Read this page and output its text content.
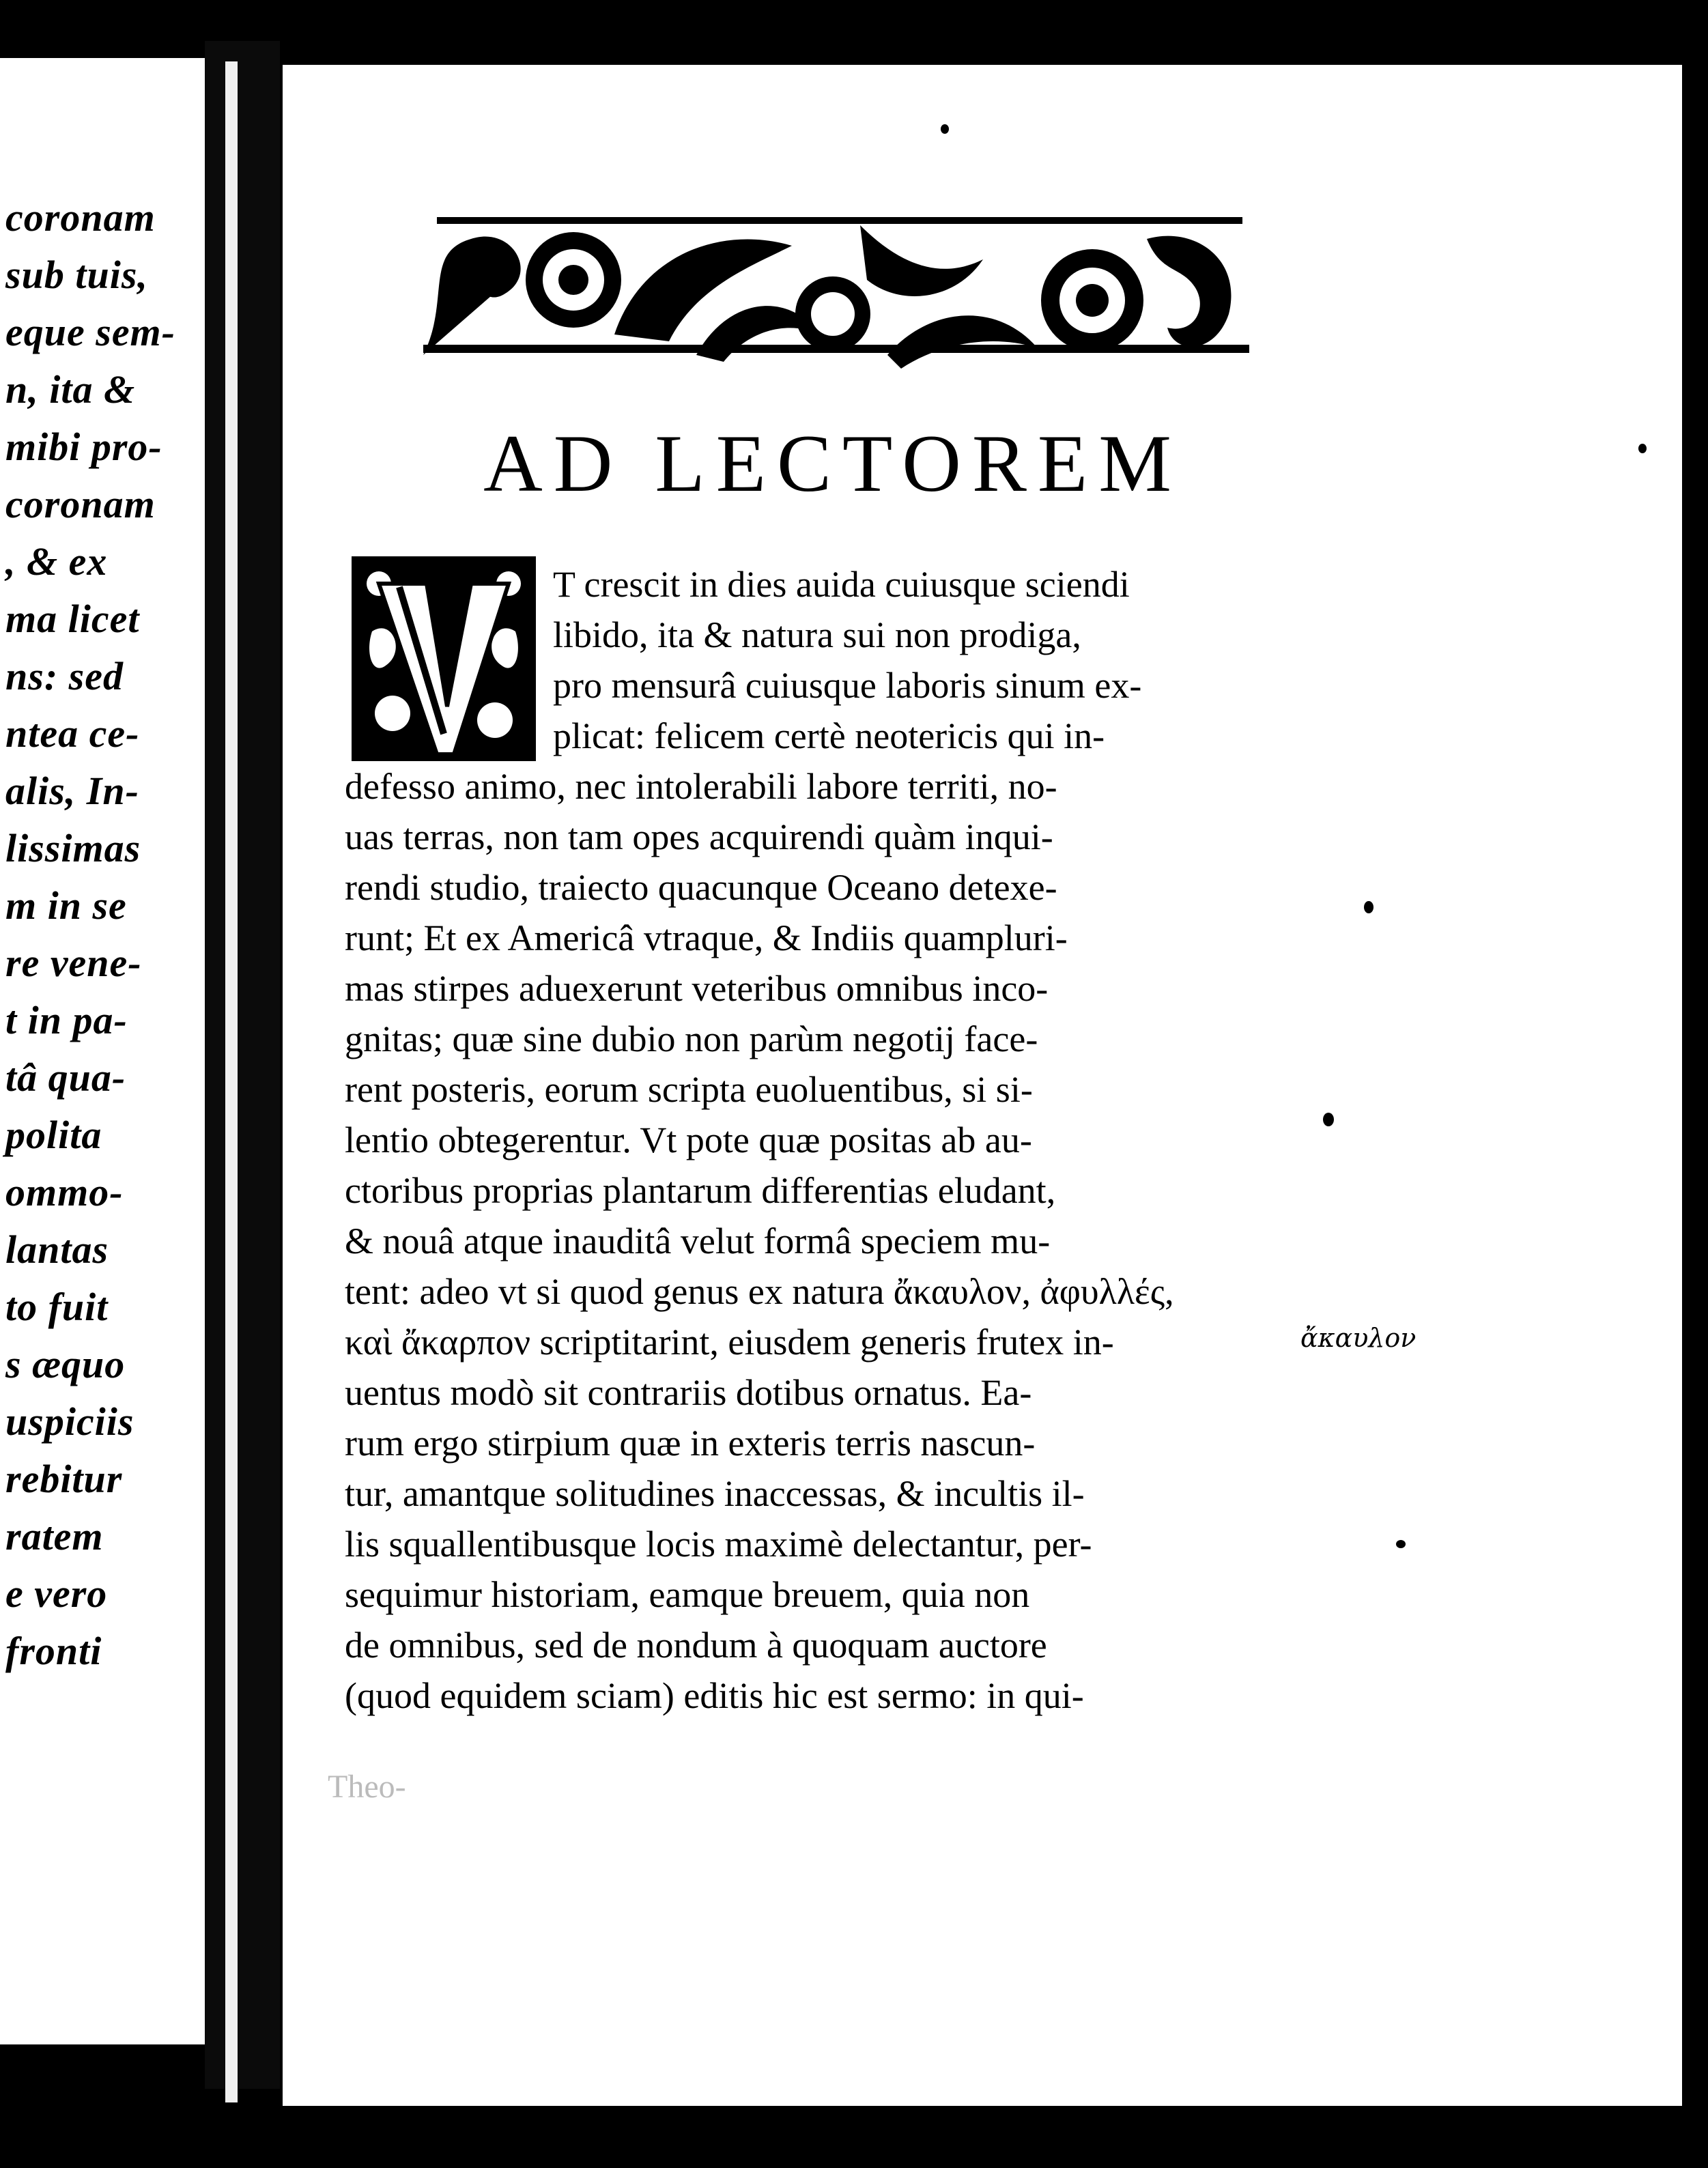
coronam
sub tuis,
eque sem-
n, ita &
mibi pro-
coronam
, & ex
ma licet
ns: sed
ntea ce-
alis, In-
lissimas
m in se
re vene-
t in pa-
tâ qua-
polita
ommo-
lantas
to fuit
s æquo
uspiciis
rebitur
ratem
e vero
fronti
AD LECTOREM
T crescit in dies auida cuiusque sciendi
libido, ita & natura sui non prodiga,
pro mensurâ cuiusque laboris sinum ex-
plicat: felicem certè neotericis qui in-
defesso animo, nec intolerabili labore territi, no-
uas terras, non tam opes acquirendi quàm inqui-
rendi studio, traiecto quacunque Oceano detexe-
runt; Et ex Americâ vtraque, & Indiis quampluri-
mas stirpes aduexerunt veteribus omnibus inco-
gnitas; quæ sine dubio non parùm negotij face-
rent posteris, eorum scripta euoluentibus, si si-
lentio obtegerentur. Vt pote quæ positas ab au-
ctoribus proprias plantarum differentias eludant,
& nouâ atque inauditâ velut formâ speciem mu-
tent: adeo vt si quod genus ex natura ἄκαυλον, ἀφυλλές,
καὶ ἄκαρπον scriptitarint, eiusdem generis frutex in-
uentus modò sit contrariis dotibus ornatus. Ea-
rum ergo stirpium quæ in exteris terris nascun-
tur, amantque solitudines inaccessas, & incultis il-
lis squallentibusque locis maximè delectantur, per-
sequimur historiam, eamque breuem, quia non
de omnibus, sed de nondum à quoquam auctore
(quod equidem sciam) editis hic est sermo: in qui-
ἄκαυλον
Theo-
